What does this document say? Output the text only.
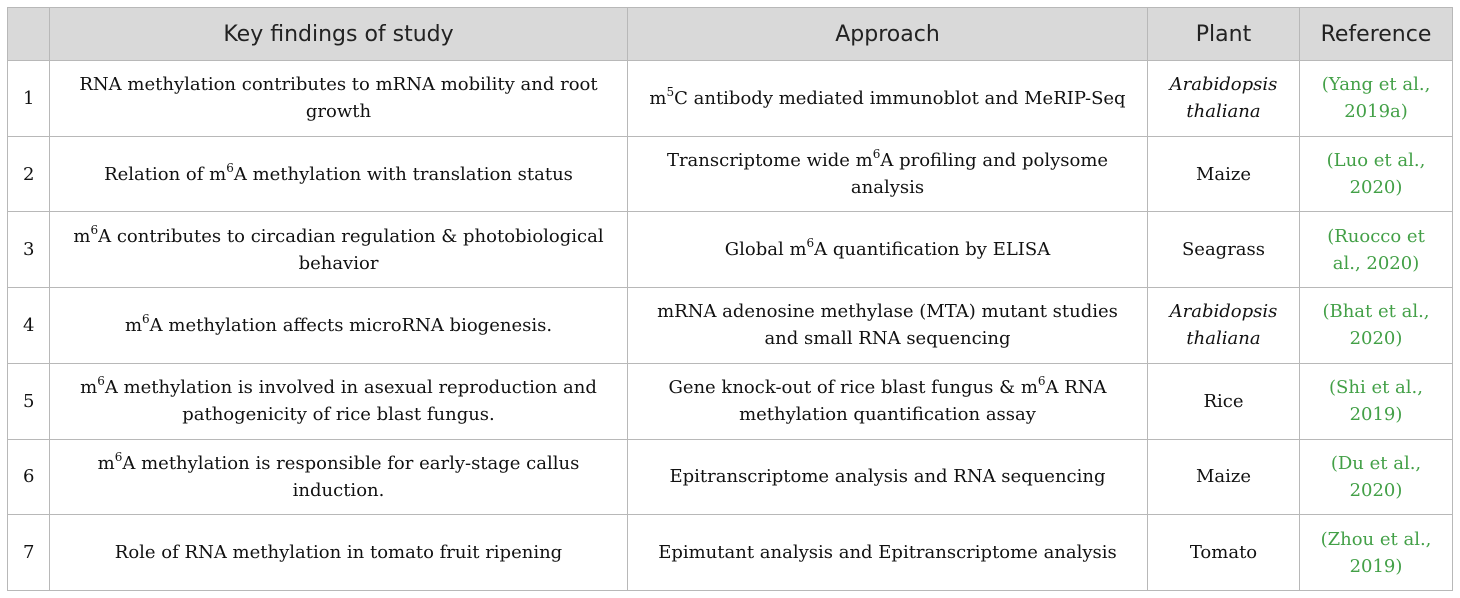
	Key findings of study	Approach	Plant	Reference
1	RNA methylation contributes to mRNA mobility and root growth	$m^5C$ antibody mediated immunoblot and MeRIP-Seq	Arabidopsis thaliana	(Yang et al., 2019a)
2	Relation of $m^6A$ methylation with translation status	Transcriptome wide $m^6A$ profiling and polysome analysis	Maize	(Luo et al., 2020)
3	$m^6A$ contributes to circadian regulation & photobiological behavior	Global $m^6A$ quantification by ELISA	Seagrass	(Ruocco et al., 2020)
4	$m^6A$ methylation affects microRNA biogenesis.	mRNA adenosine methylase (MTA) mutant studies and small RNA sequencing	Arabidopsis thaliana	(Bhat et al., 2020)
5	$m^6A$ methylation is involved in asexual reproduction and pathogenicity of rice blast fungus.	Gene knock-out of rice blast fungus & $m^6A$ RNA methylation quantification assay	Rice	(Shi et al., 2019)
6	$m^6A$ methylation is responsible for early-stage callus induction.	Epitranscriptome analysis and RNA sequencing	Maize	(Du et al., 2020)
7	Role of RNA methylation in tomato fruit ripening	Epimutant analysis and Epitranscriptome analysis	Tomato	(Zhou et al., 2019)
